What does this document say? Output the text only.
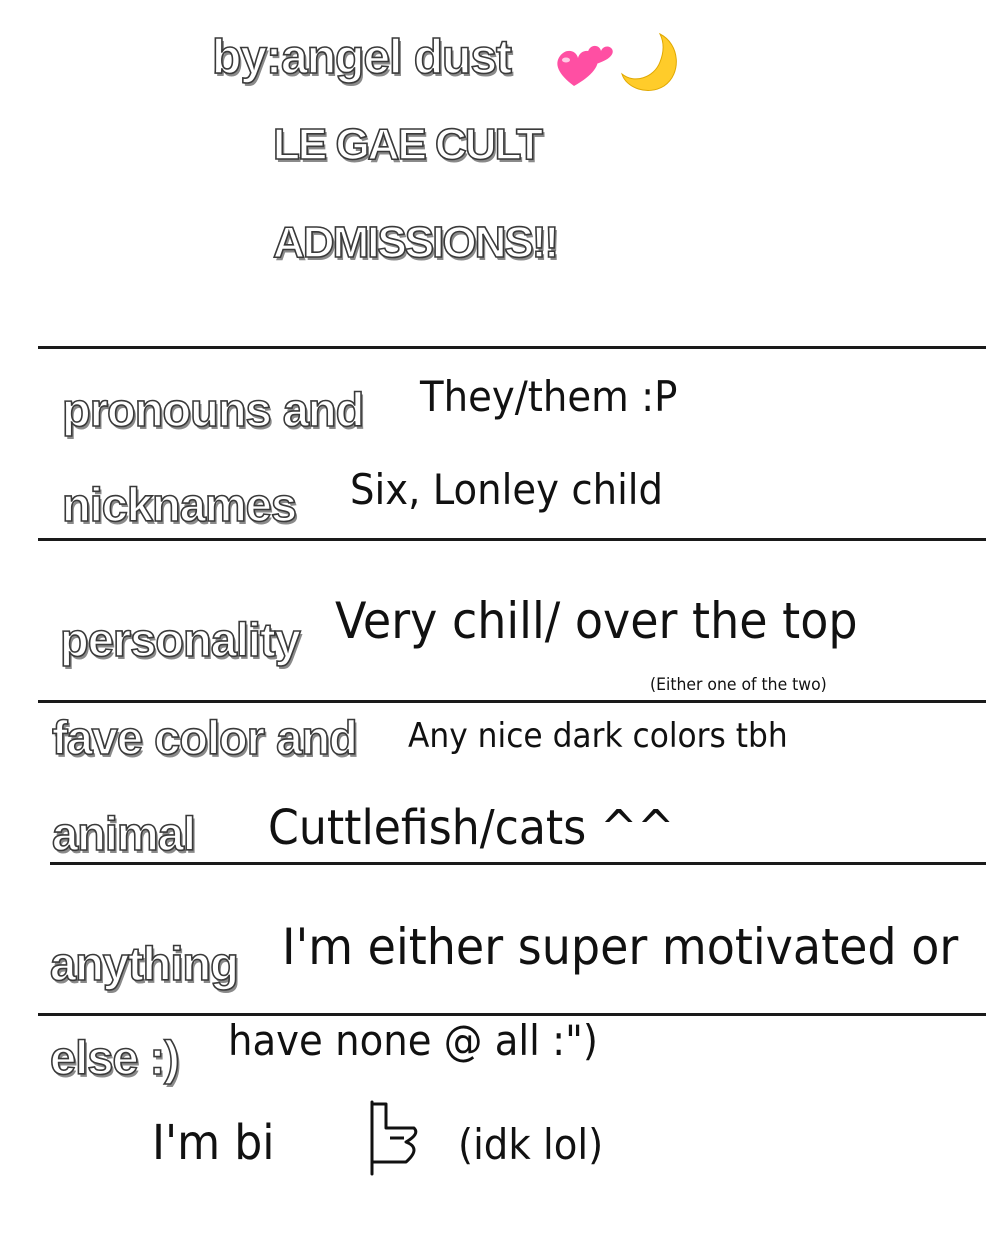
by:angel dust
LE GAE CULT
ADMISSIONS!!
pronouns and
nicknames
They/them :P
Six, Lonley child
personality Very chill/ over the top
(Either one of the two)
fave color and
animal
Any nice dark colors tbh
Cuttlefish/cats ^^
anything
else :)
I'm either super motivated or
have none @ all :")
I'm bi	(idk lol)
